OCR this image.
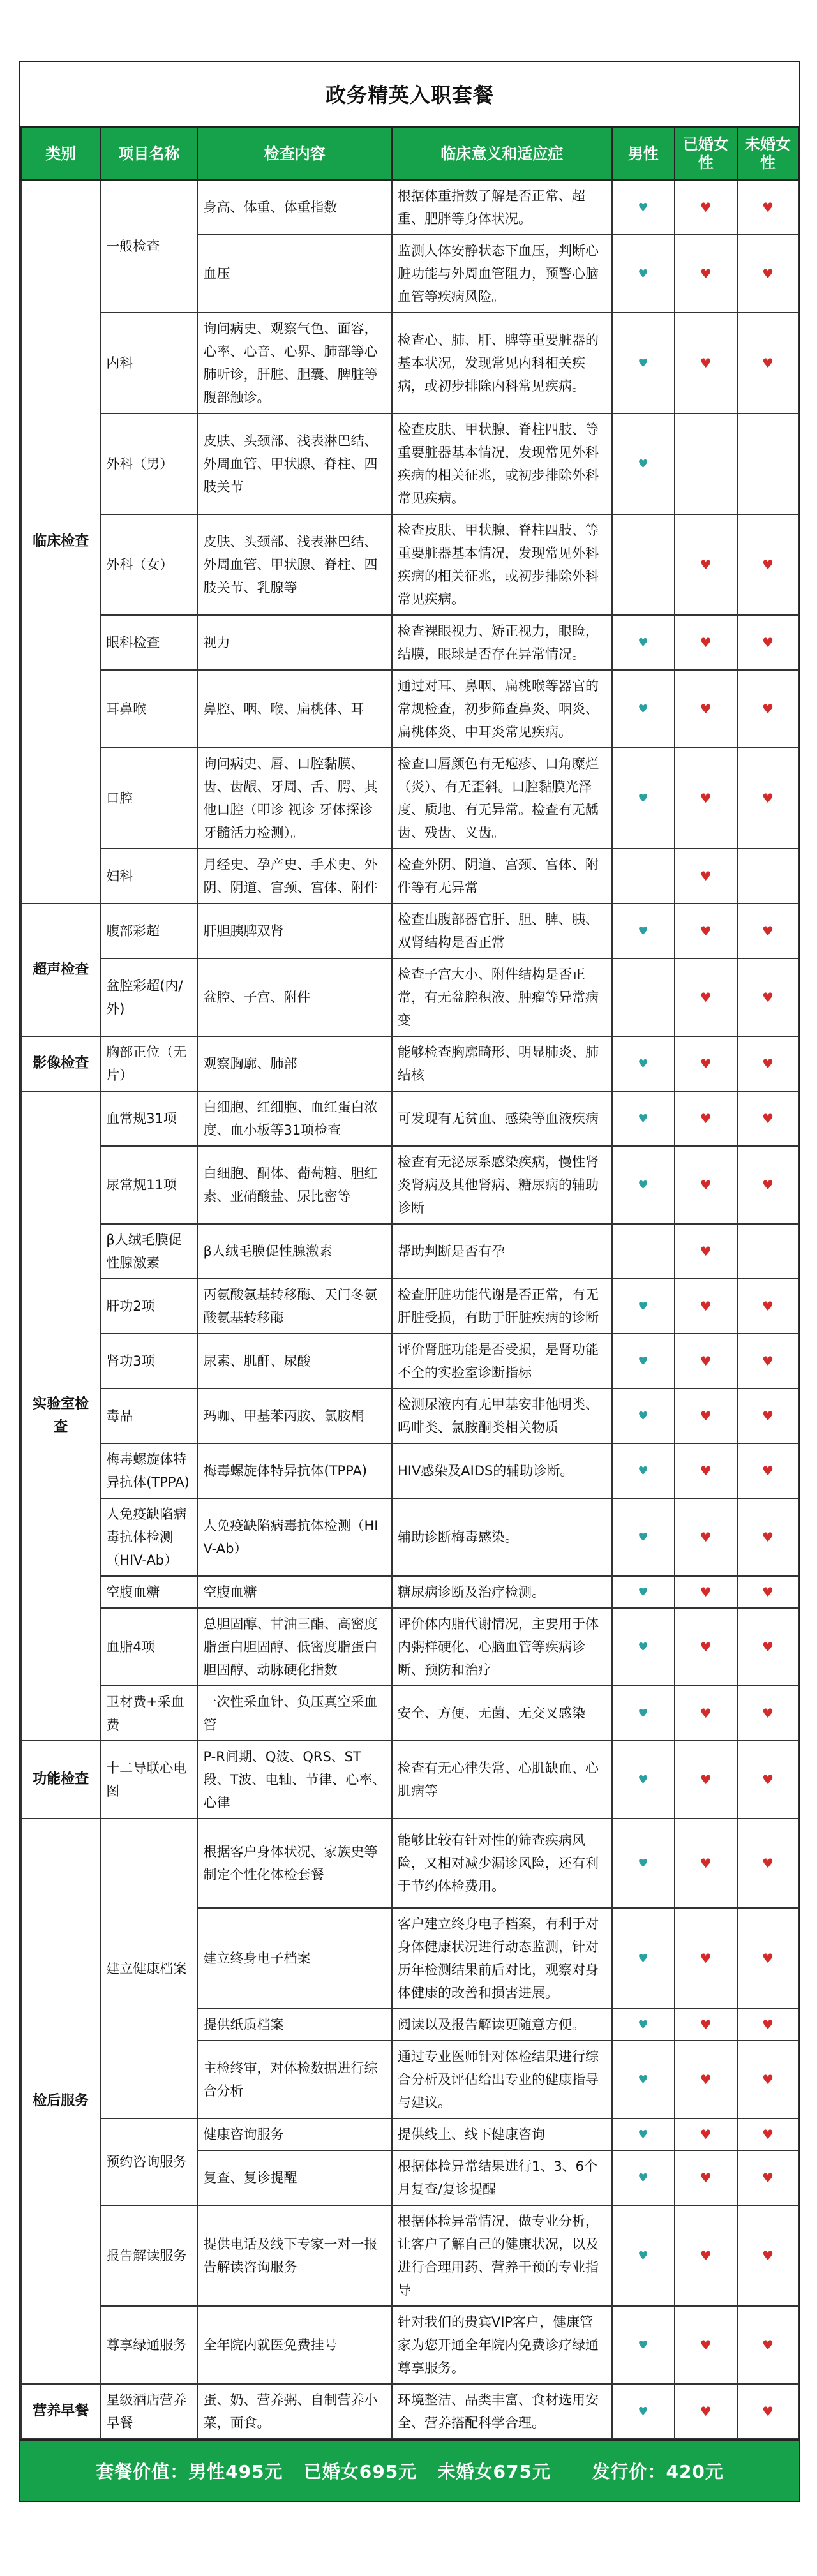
政务精英入职套餐
类别	项目名称	检查内容	临床意义和适应症	男性	已婚女性	未婚女性
临床检查	一般检查	身高、体重、体重指数	根据体重指数了解是否正常、超重、肥胖等身体状况。	♥	♥	♥
		血压	监测人体安静状态下血压，判断心脏功能与外周血管阻力，预警心脑血管等疾病风险。	♥	♥	♥
	内科	询问病史、观察气色、面容，心率、心音、心界、肺部等心肺听诊，肝脏、胆囊、脾脏等腹部触诊。	检查心、肺、肝、脾等重要脏器的基本状况，发现常见内科相关疾病，或初步排除内科常见疾病。	♥	♥	♥
	外科（男）	皮肤、头颈部、浅表淋巴结、外周血管、甲状腺、脊柱、四肢关节	检查皮肤、甲状腺、脊柱四肢、等重要脏器基本情况，发现常见外科疾病的相关征兆，或初步排除外科常见疾病。	♥		
	外科（女）	皮肤、头颈部、浅表淋巴结、外周血管、甲状腺、脊柱、四肢关节、乳腺等	检查皮肤、甲状腺、脊柱四肢、等重要脏器基本情况，发现常见外科疾病的相关征兆，或初步排除外科常见疾病。		♥	♥
	眼科检查	视力	检查裸眼视力、矫正视力，眼睑，结膜，眼球是否存在异常情况。	♥	♥	♥
	耳鼻喉	鼻腔、咽、喉、扁桃体、耳	通过对耳、鼻咽、扁桃喉等器官的常规检查，初步筛查鼻炎、咽炎、扁桃体炎、中耳炎常见疾病。	♥	♥	♥
	口腔	询问病史、唇、口腔黏膜、齿、齿龈、牙周、舌、腭、其他口腔（叩诊 视诊 牙体探诊 牙髓活力检测）。	检查口唇颜色有无疱疹、口角糜烂（炎）、有无歪斜。口腔黏膜光泽度、质地、有无异常。检查有无龋齿、残齿、义齿。	♥	♥	♥
	妇科	月经史、孕产史、手术史、外阴、阴道、宫颈、宫体、附件	检查外阴、阴道、宫颈、宫体、附件等有无异常		♥	
超声检查	腹部彩超	肝胆胰脾双肾	检查出腹部器官肝、胆、脾、胰、双肾结构是否正常	♥	♥	♥
	盆腔彩超(内/外)	盆腔、子宫、附件	检查子宫大小、附件结构是否正常，有无盆腔积液、肿瘤等异常病变		♥	♥
影像检查	胸部正位（无片）	观察胸廓、肺部	能够检查胸廓畸形、明显肺炎、肺结核	♥	♥	♥
实验室检查	血常规31项	白细胞、红细胞、血红蛋白浓度、血小板等31项检查	可发现有无贫血、感染等血液疾病	♥	♥	♥
	尿常规11项	白细胞、酮体、葡萄糖、胆红素、亚硝酸盐、尿比密等	检查有无泌尿系感染疾病，慢性肾炎肾病及其他肾病、糖尿病的辅助诊断	♥	♥	♥
	β人绒毛膜促性腺激素	β人绒毛膜促性腺激素	帮助判断是否有孕		♥	
	肝功2项	丙氨酸氨基转移酶、天门冬氨酸氨基转移酶	检查肝脏功能代谢是否正常，有无肝脏受损，有助于肝脏疾病的诊断	♥	♥	♥
	肾功3项	尿素、肌酐、尿酸	评价肾脏功能是否受损，是肾功能不全的实验室诊断指标	♥	♥	♥
	毒品	玛咖、甲基苯丙胺、氯胺酮	检测尿液内有无甲基安非他明类、吗啡类、氯胺酮类相关物质	♥	♥	♥
	梅毒螺旋体特异抗体(TPPA)	梅毒螺旋体特异抗体(TPPA)	HIV感染及AIDS的辅助诊断。	♥	♥	♥
	人免疫缺陷病毒抗体检测（HIV-Ab）	人免疫缺陷病毒抗体检测（HIV-Ab）	辅助诊断梅毒感染。	♥	♥	♥
	空腹血糖	空腹血糖	糖尿病诊断及治疗检测。	♥	♥	♥
	血脂4项	总胆固醇、甘油三酯、高密度脂蛋白胆固醇、低密度脂蛋白胆固醇、动脉硬化指数	评价体内脂代谢情况，主要用于体内粥样硬化、心脑血管等疾病诊断、预防和治疗	♥	♥	♥
	卫材费+采血费	一次性采血针、负压真空采血管	安全、方便、无菌、无交叉感染	♥	♥	♥
功能检查	十二导联心电图	P-R间期、Q波、QRS、ST段、T波、电轴、节律、心率、心律	检查有无心律失常、心肌缺血、心肌病等	♥	♥	♥
检后服务	建立健康档案	根据客户身体状况、家族史等制定个性化体检套餐	能够比较有针对性的筛查疾病风险，又相对减少漏诊风险，还有利于节约体检费用。	♥	♥	♥
		建立终身电子档案	客户建立终身电子档案，有利于对身体健康状况进行动态监测，针对历年检测结果前后对比，观察对身体健康的改善和损害进展。	♥	♥	♥
		提供纸质档案	阅读以及报告解读更随意方便。	♥	♥	♥
		主检终审，对体检数据进行综合分析	通过专业医师针对体检结果进行综合分析及评估给出专业的健康指导与建议。	♥	♥	♥
	预约咨询服务	健康咨询服务	提供线上、线下健康咨询	♥	♥	♥
		复查、复诊提醒	根据体检异常结果进行1、3、6个月复查/复诊提醒	♥	♥	♥
	报告解读服务	提供电话及线下专家一对一报告解读咨询服务	根据体检异常情况，做专业分析，让客户了解自己的健康状况，以及进行合理用药、营养干预的专业指导	♥	♥	♥
	尊享绿通服务	全年院内就医免费挂号	针对我们的贵宾VIP客户，健康管家为您开通全年院内免费诊疗绿通尊享服务。	♥	♥	♥
营养早餐	星级酒店营养早餐	蛋、奶、营养粥、自制营养小菜，面食。	环境整洁、品类丰富、食材选用安全、营养搭配科学合理。	♥	♥	♥
套餐价值： 男性495元
已婚女695元
未婚女675元
发行价： 420元
